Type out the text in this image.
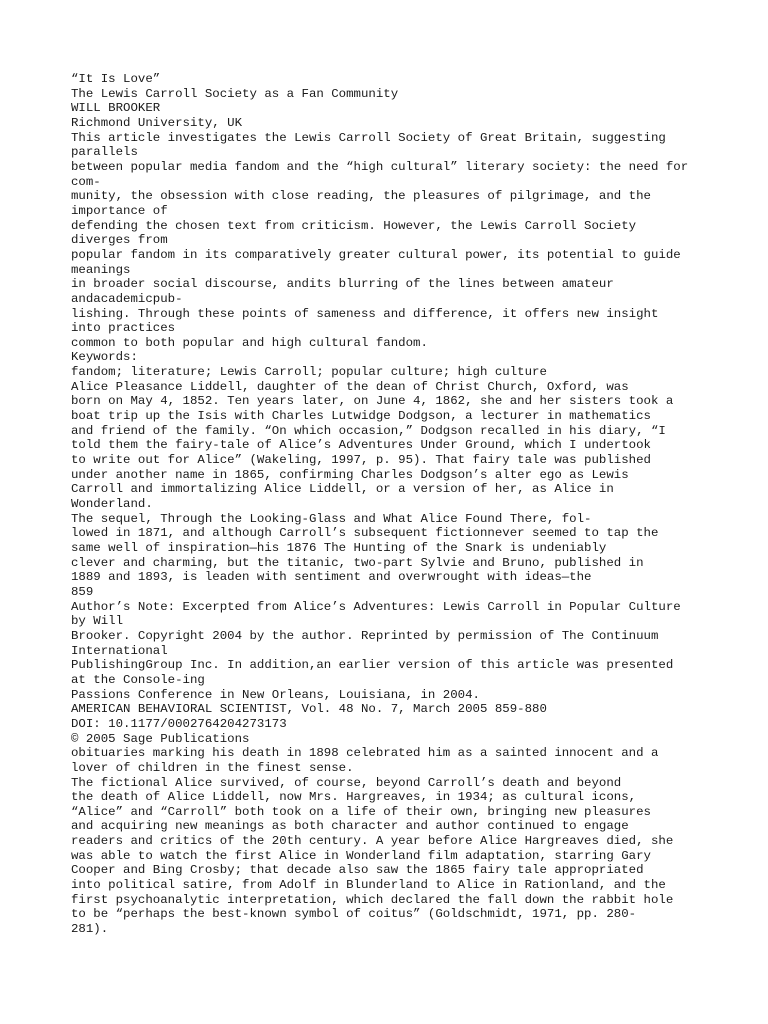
“It Is Love”
The Lewis Carroll Society as a Fan Community
WILL BROOKER
Richmond University, UK
This article investigates the Lewis Carroll Society of Great Britain, suggesting
parallels
between popular media fandom and the “high cultural” literary society: the need for
com-
munity, the obsession with close reading, the pleasures of pilgrimage, and the
importance of
defending the chosen text from criticism. However, the Lewis Carroll Society
diverges from
popular fandom in its comparatively greater cultural power, its potential to guide
meanings
in broader social discourse, andits blurring of the lines between amateur
andacademicpub-
lishing. Through these points of sameness and difference, it offers new insight
into practices
common to both popular and high cultural fandom.
Keywords:
fandom; literature; Lewis Carroll; popular culture; high culture
Alice Pleasance Liddell, daughter of the dean of Christ Church, Oxford, was
born on May 4, 1852. Ten years later, on June 4, 1862, she and her sisters took a
boat trip up the Isis with Charles Lutwidge Dodgson, a lecturer in mathematics
and friend of the family. “On which occasion,” Dodgson recalled in his diary, “I
told them the fairy-tale of Alice’s Adventures Under Ground, which I undertook
to write out for Alice” (Wakeling, 1997, p. 95). That fairy tale was published
under another name in 1865, confirming Charles Dodgson’s alter ego as Lewis
Carroll and immortalizing Alice Liddell, or a version of her, as Alice in
Wonderland.
The sequel, Through the Looking-Glass and What Alice Found There, fol-
lowed in 1871, and although Carroll’s subsequent fictionnever seemed to tap the
same well of inspiration—his 1876 The Hunting of the Snark is undeniably
clever and charming, but the titanic, two-part Sylvie and Bruno, published in
1889 and 1893, is leaden with sentiment and overwrought with ideas—the
859
Author’s Note: Excerpted from Alice’s Adventures: Lewis Carroll in Popular Culture
by Will
Brooker. Copyright 2004 by the author. Reprinted by permission of The Continuum
International
PublishingGroup Inc. In addition,an earlier version of this article was presented
at the Console-ing
Passions Conference in New Orleans, Louisiana, in 2004.
AMERICAN BEHAVIORAL SCIENTIST, Vol. 48 No. 7, March 2005 859-880
DOI: 10.1177/0002764204273173
© 2005 Sage Publications
obituaries marking his death in 1898 celebrated him as a sainted innocent and a
lover of children in the finest sense.
The fictional Alice survived, of course, beyond Carroll’s death and beyond
the death of Alice Liddell, now Mrs. Hargreaves, in 1934; as cultural icons,
“Alice” and “Carroll” both took on a life of their own, bringing new pleasures
and acquiring new meanings as both character and author continued to engage
readers and critics of the 20th century. A year before Alice Hargreaves died, she
was able to watch the first Alice in Wonderland film adaptation, starring Gary
Cooper and Bing Crosby; that decade also saw the 1865 fairy tale appropriated
into political satire, from Adolf in Blunderland to Alice in Rationland, and the
first psychoanalytic interpretation, which declared the fall down the rabbit hole
to be “perhaps the best-known symbol of coitus” (Goldschmidt, 1971, pp. 280-
281).
